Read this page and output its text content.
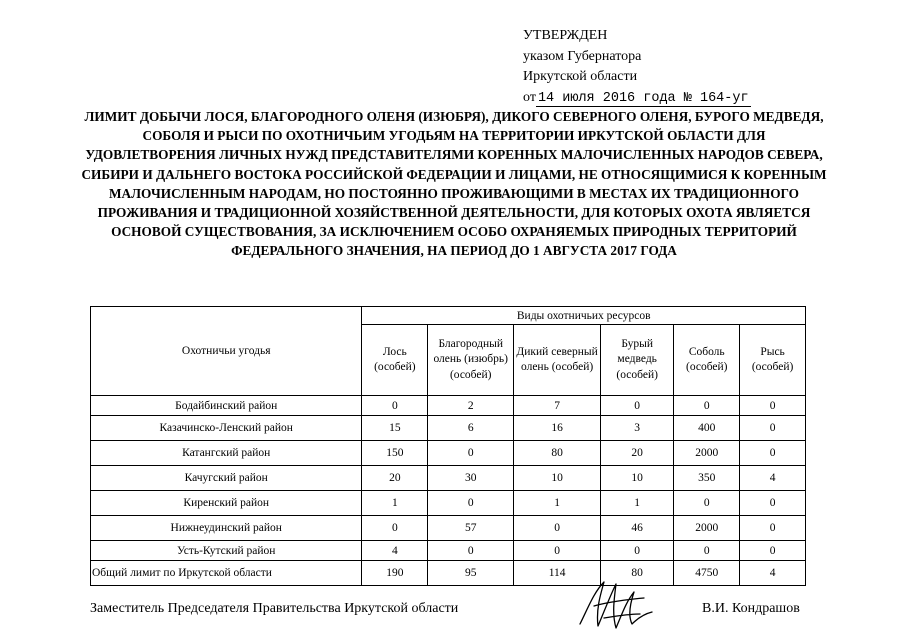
УТВЕРЖДЕН
указом Губернатора
Иркутской области
от 14 июля 2016 года № 164-уг
ЛИМИТ ДОБЫЧИ ЛОСЯ, БЛАГОРОДНОГО ОЛЕНЯ (ИЗЮБРЯ), ДИКОГО СЕВЕРНОГО ОЛЕНЯ, БУРОГО МЕДВЕДЯ, СОБОЛЯ И РЫСИ ПО ОХОТНИЧЬИМ УГОДЬЯМ НА ТЕРРИТОРИИ ИРКУТСКОЙ ОБЛАСТИ ДЛЯ УДОВЛЕТВОРЕНИЯ ЛИЧНЫХ НУЖД ПРЕДСТАВИТЕЛЯМИ КОРЕННЫХ МАЛОЧИСЛЕННЫХ НАРОДОВ СЕВЕРА, СИБИРИ И ДАЛЬНЕГО ВОСТОКА РОССИЙСКОЙ ФЕДЕРАЦИИ И ЛИЦАМИ, НЕ ОТНОСЯЩИМИСЯ К КОРЕННЫМ МАЛОЧИСЛЕННЫМ НАРОДАМ, НО ПОСТОЯННО ПРОЖИВАЮЩИМИ В МЕСТАХ ИХ ТРАДИЦИОННОГО ПРОЖИВАНИЯ И ТРАДИЦИОННОЙ ХОЗЯЙСТВЕННОЙ ДЕЯТЕЛЬНОСТИ, ДЛЯ КОТОРЫХ ОХОТА ЯВЛЯЕТСЯ ОСНОВОЙ СУЩЕСТВОВАНИЯ, ЗА ИСКЛЮЧЕНИЕМ ОСОБО ОХРАНЯЕМЫХ ПРИРОДНЫХ ТЕРРИТОРИЙ ФЕДЕРАЛЬНОГО ЗНАЧЕНИЯ, НА ПЕРИОД ДО 1 АВГУСТА 2017 ГОДА
Охотничьи угодья	Виды охотничьих ресурсов					
	Лось (особей)	Благородный олень (изюбрь) (особей)	Дикий северный олень (особей)	Бурый медведь (особей)	Соболь (особей)	Рысь (особей)
Бодайбинский район	0	2	7	0	0	0
Казачинско-Ленский район	15	6	16	3	400	0
Катангский район	150	0	80	20	2000	0
Качугский район	20	30	10	10	350	4
Киренский район	1	0	1	1	0	0
Нижнеудинский район	0	57	0	46	2000	0
Усть-Кутский район	4	0	0	0	0	0
Общий лимит по Иркутской области	190	95	114	80	4750	4
Заместитель Председателя Правительства Иркутской области	В.И. Кондрашов
